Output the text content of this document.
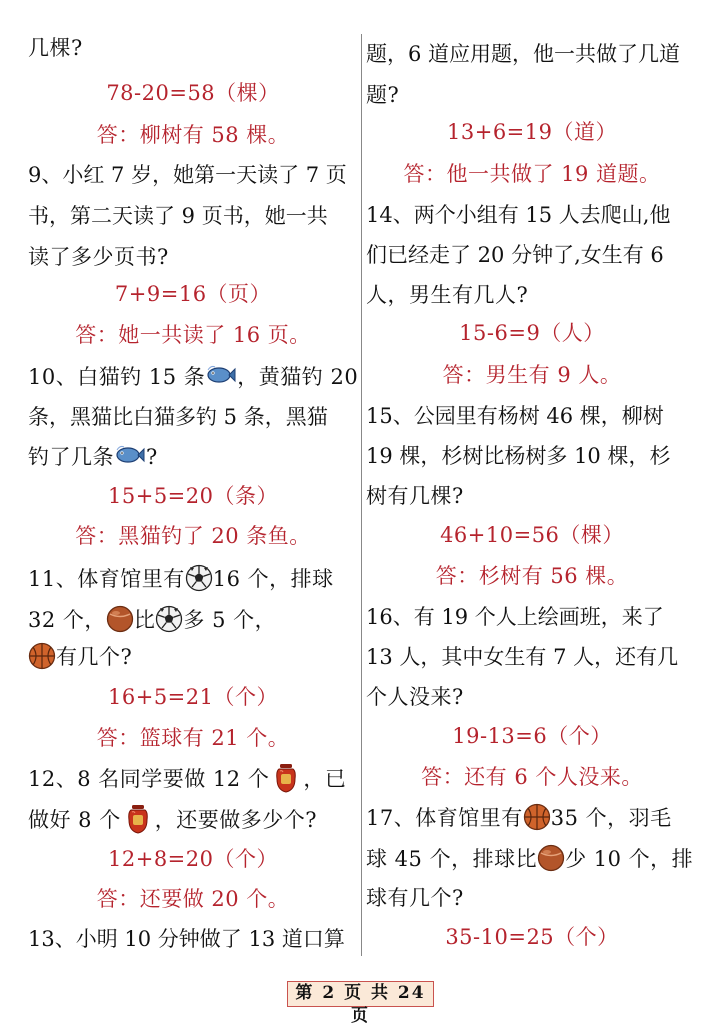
几棵?
78-20=58（棵）
答：柳树有 58 棵。
9、小红 7 岁，她第一天读了 7 页
书，第二天读了 9 页书，她一共
读了多少页书?
7+9=16（页）
答：她一共读了 16 页。
10、白猫钓 15 条 ，黄猫钓 20
条，黑猫比白猫多钓 5 条，黑猫
钓了几条 ?
15+5=20（条）
答：黑猫钓了 20 条鱼。
11、体育馆里有 16 个，排球
32 个， 比 多 5 个，
有几个?
16+5=21（个）
答：篮球有 21 个。
12、8 名同学要做 12 个 ，已
做好 8 个 ，还要做多少个?
12+8=20（个）
答：还要做 20 个。
13、小明 10 分钟做了 13 道口算
题，6 道应用题，他一共做了几道
题?
13+6=19（道）
答：他一共做了 19 道题。
14、两个小组有 15 人去爬山,他
们已经走了 20 分钟了,女生有 6
人，男生有几人?
15-6=9（人）
答：男生有 9 人。
15、公园里有杨树 46 棵，柳树
19 棵，杉树比杨树多 10 棵，杉
树有几棵?
46+10=56（棵）
答：杉树有 56 棵。
16、有 19 个人上绘画班，来了
13 人，其中女生有 7 人，还有几
个人没来?
19-13=6（个）
答：还有 6 个人没来。
17、体育馆里有 35 个，羽毛
球 45 个，排球比 少 10 个，排
球有几个?
35-10=25（个）
第 2 页 共 24 页
